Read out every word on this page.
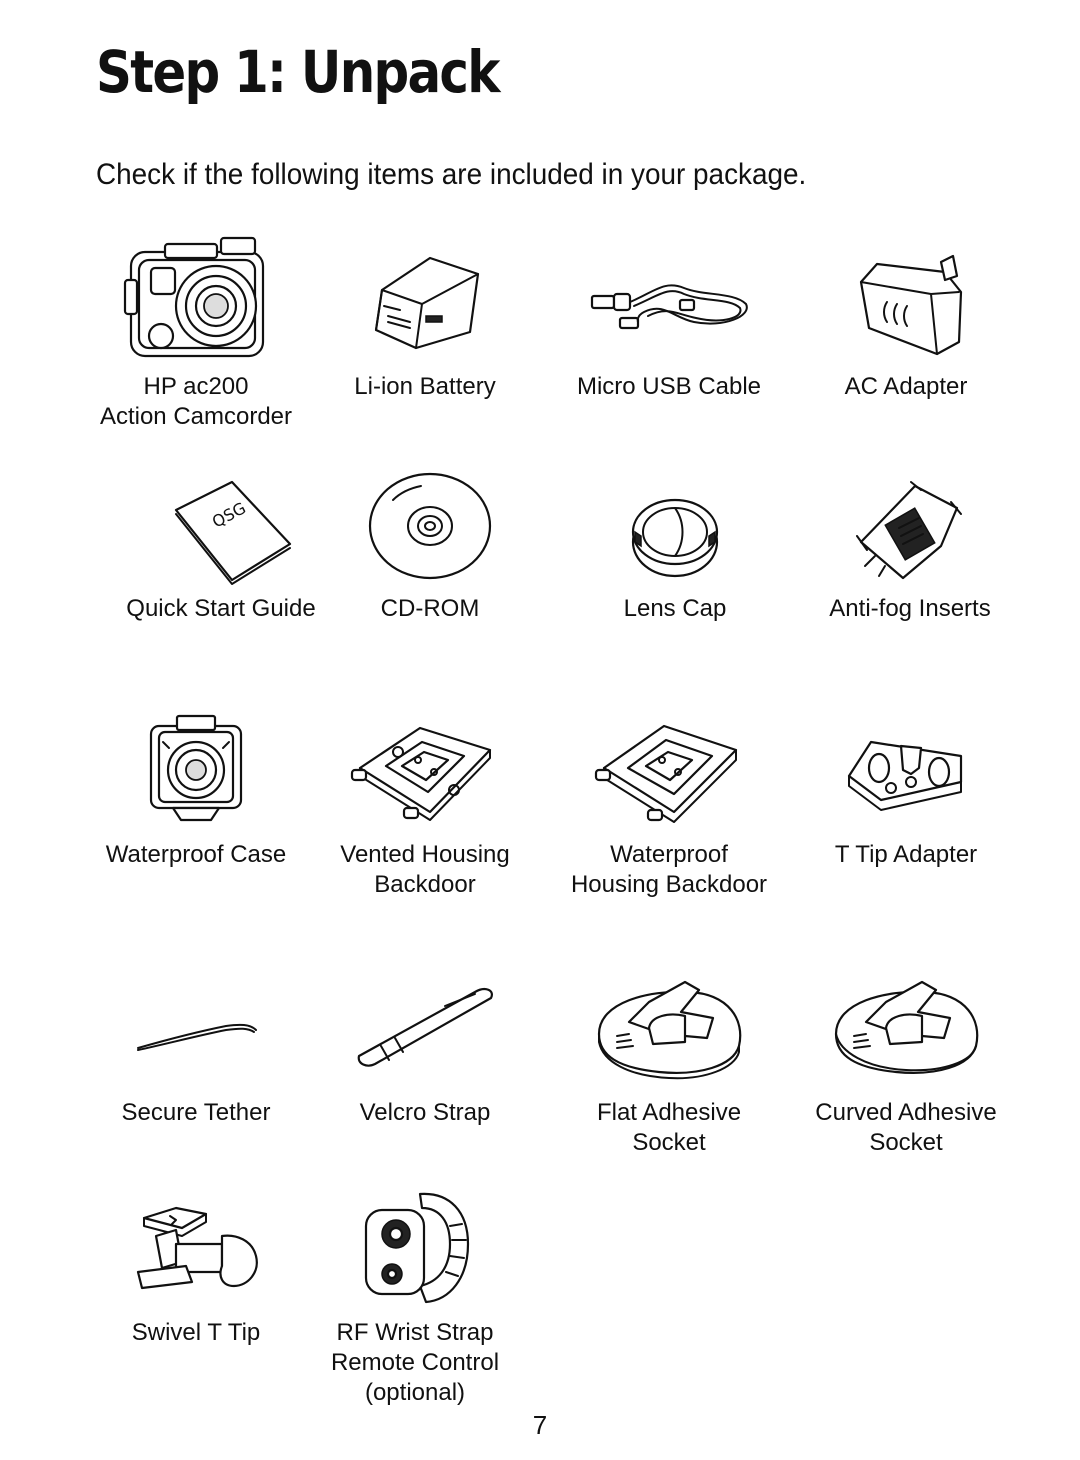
Step 1: Unpack

Check if the following items are included in your package.

HP ac200
Action Camcorder
Li-ion Battery	Micro USB Cable	AC Adapter
QSG
Quick Start Guide	CD-ROM	Lens Cap	Anti-fog Inserts
Waterproof Case	Vented Housing
Backdoor
Waterproof
Housing Backdoor
T Tip Adapter
Secure Tether	Velcro Strap	Flat Adhesive
Socket
Curved Adhesive
Socket
Swivel T Tip	RF Wrist Strap
Remote Control
(optional)
7
